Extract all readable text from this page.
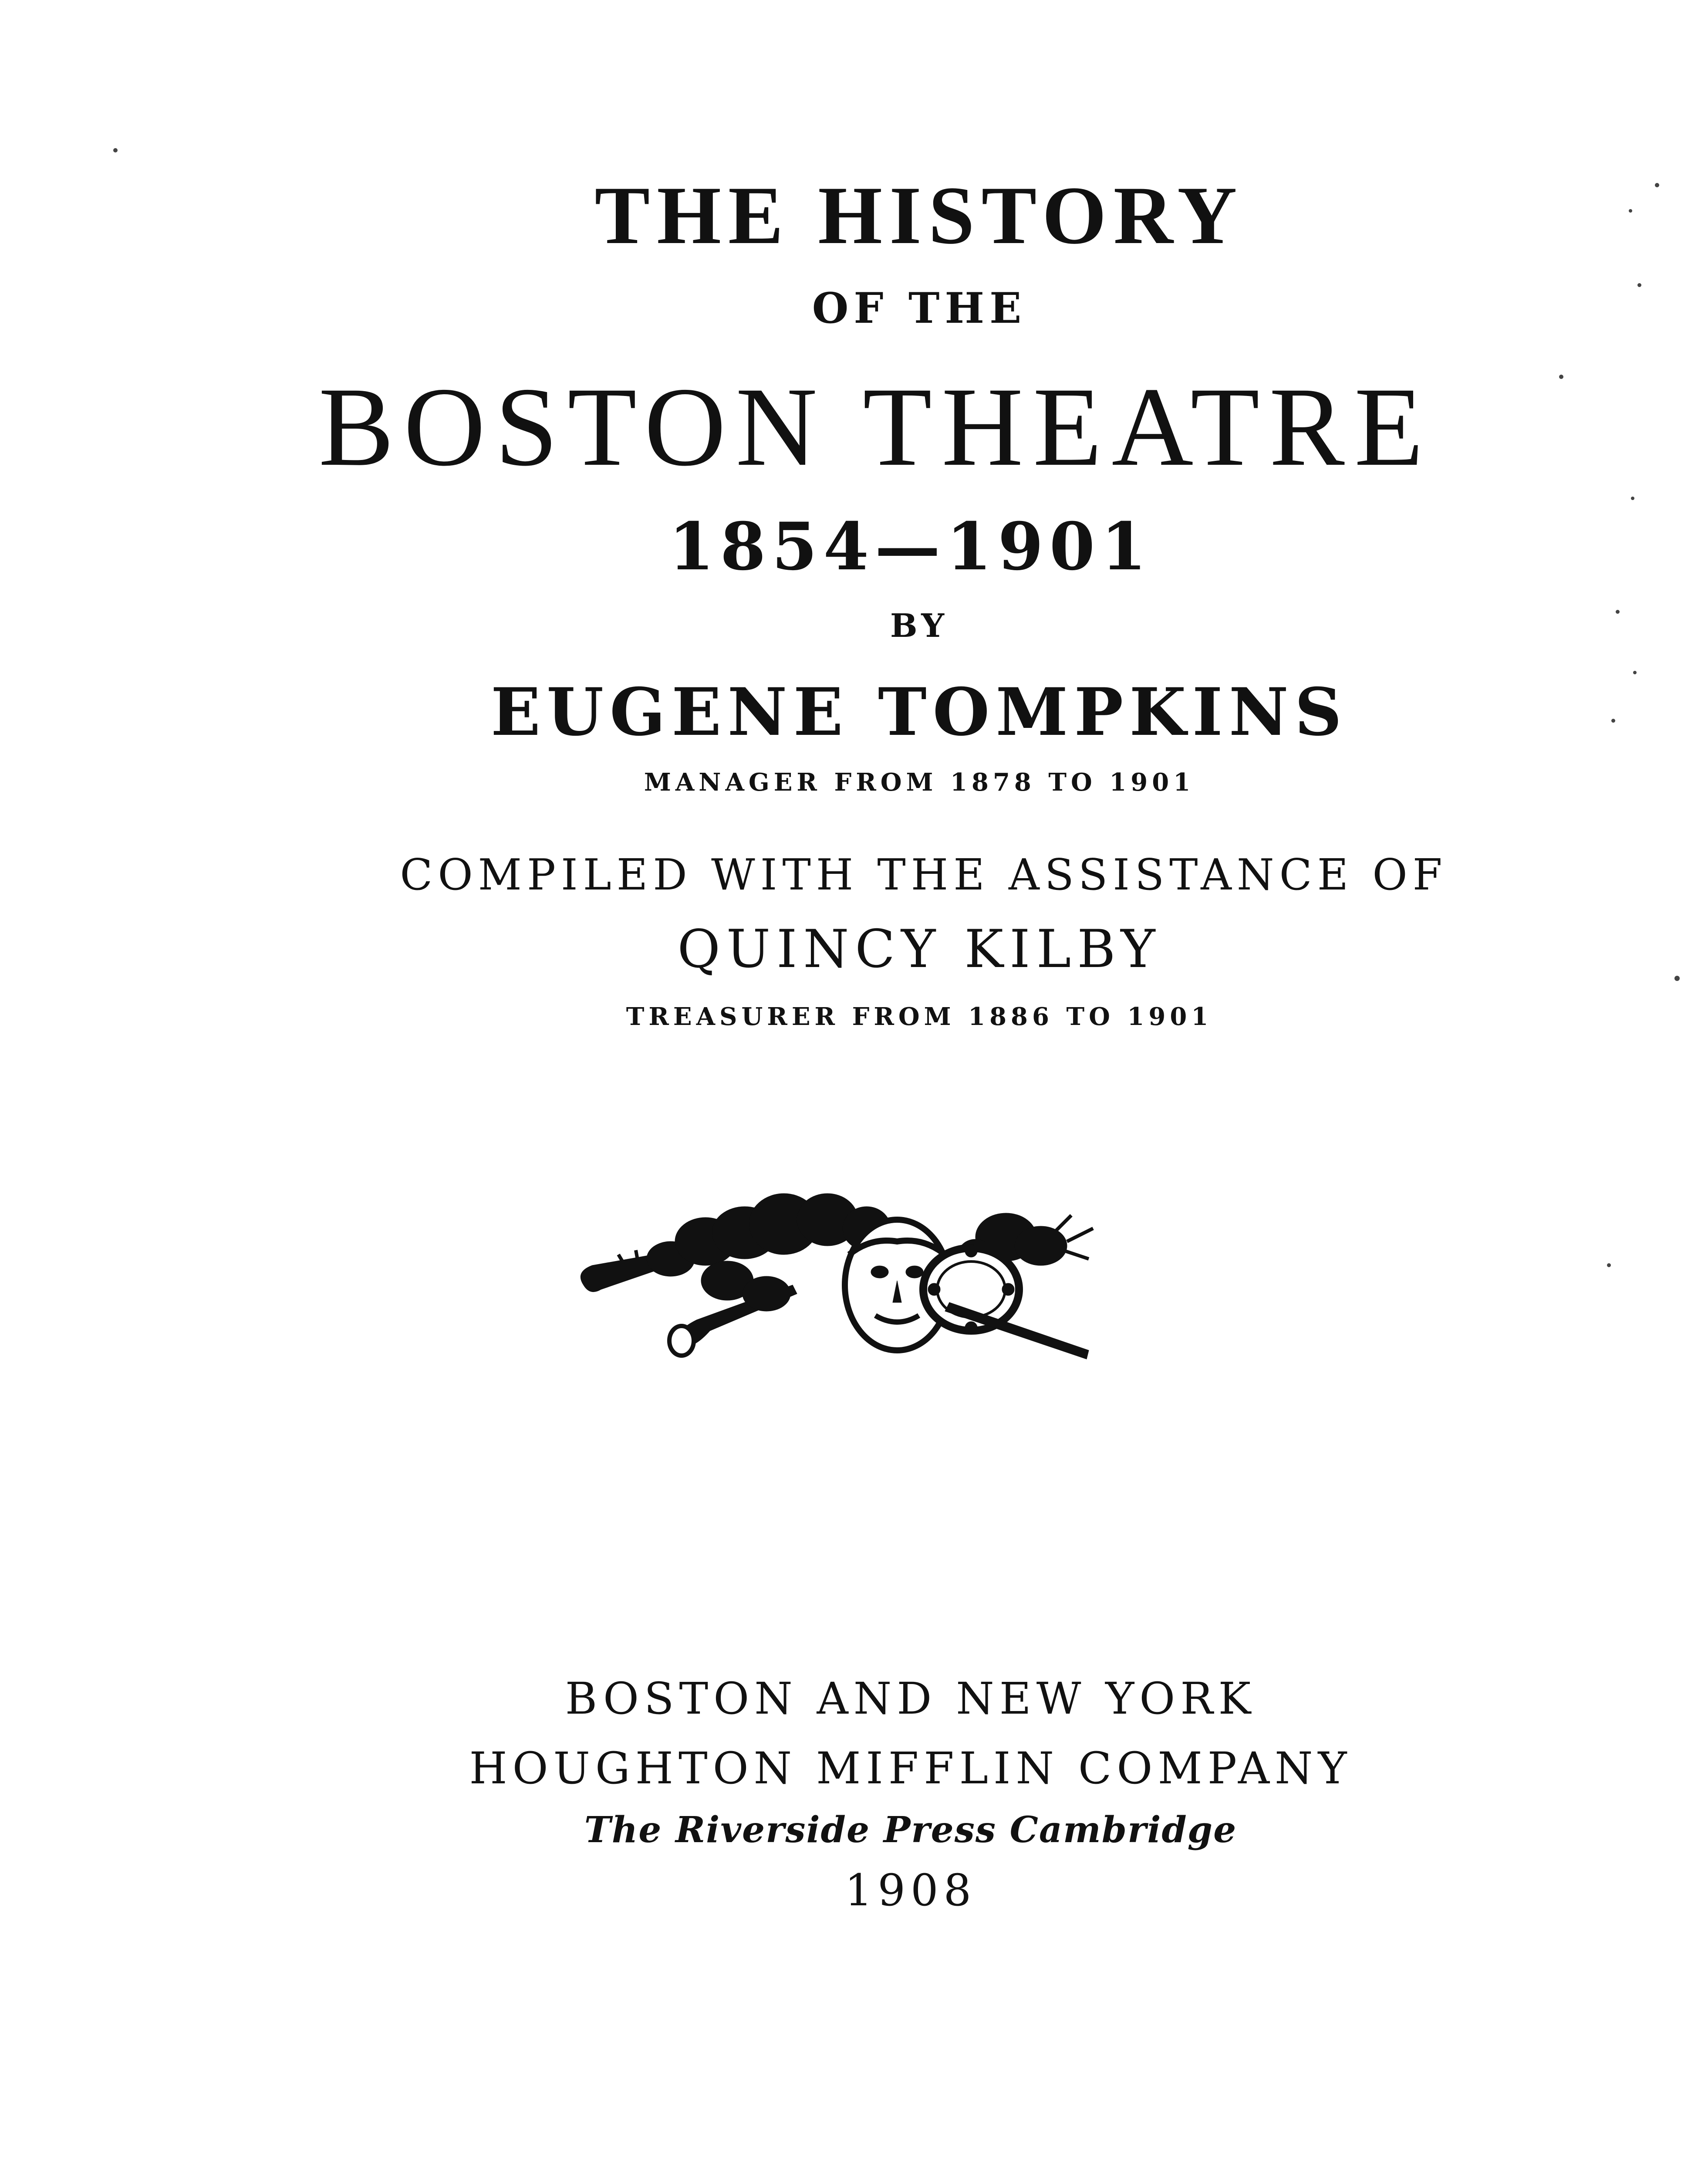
THE HISTORY
OF THE
BOSTON THEATRE
1854—1901
BY
EUGENE TOMPKINS
MANAGER FROM 1878 TO 1901
COMPILED WITH THE ASSISTANCE OF
QUINCY KILBY
TREASURER FROM 1886 TO 1901
BOSTON AND NEW YORK
HOUGHTON MIFFLIN COMPANY
The Riverside Press Cambridge
1908
